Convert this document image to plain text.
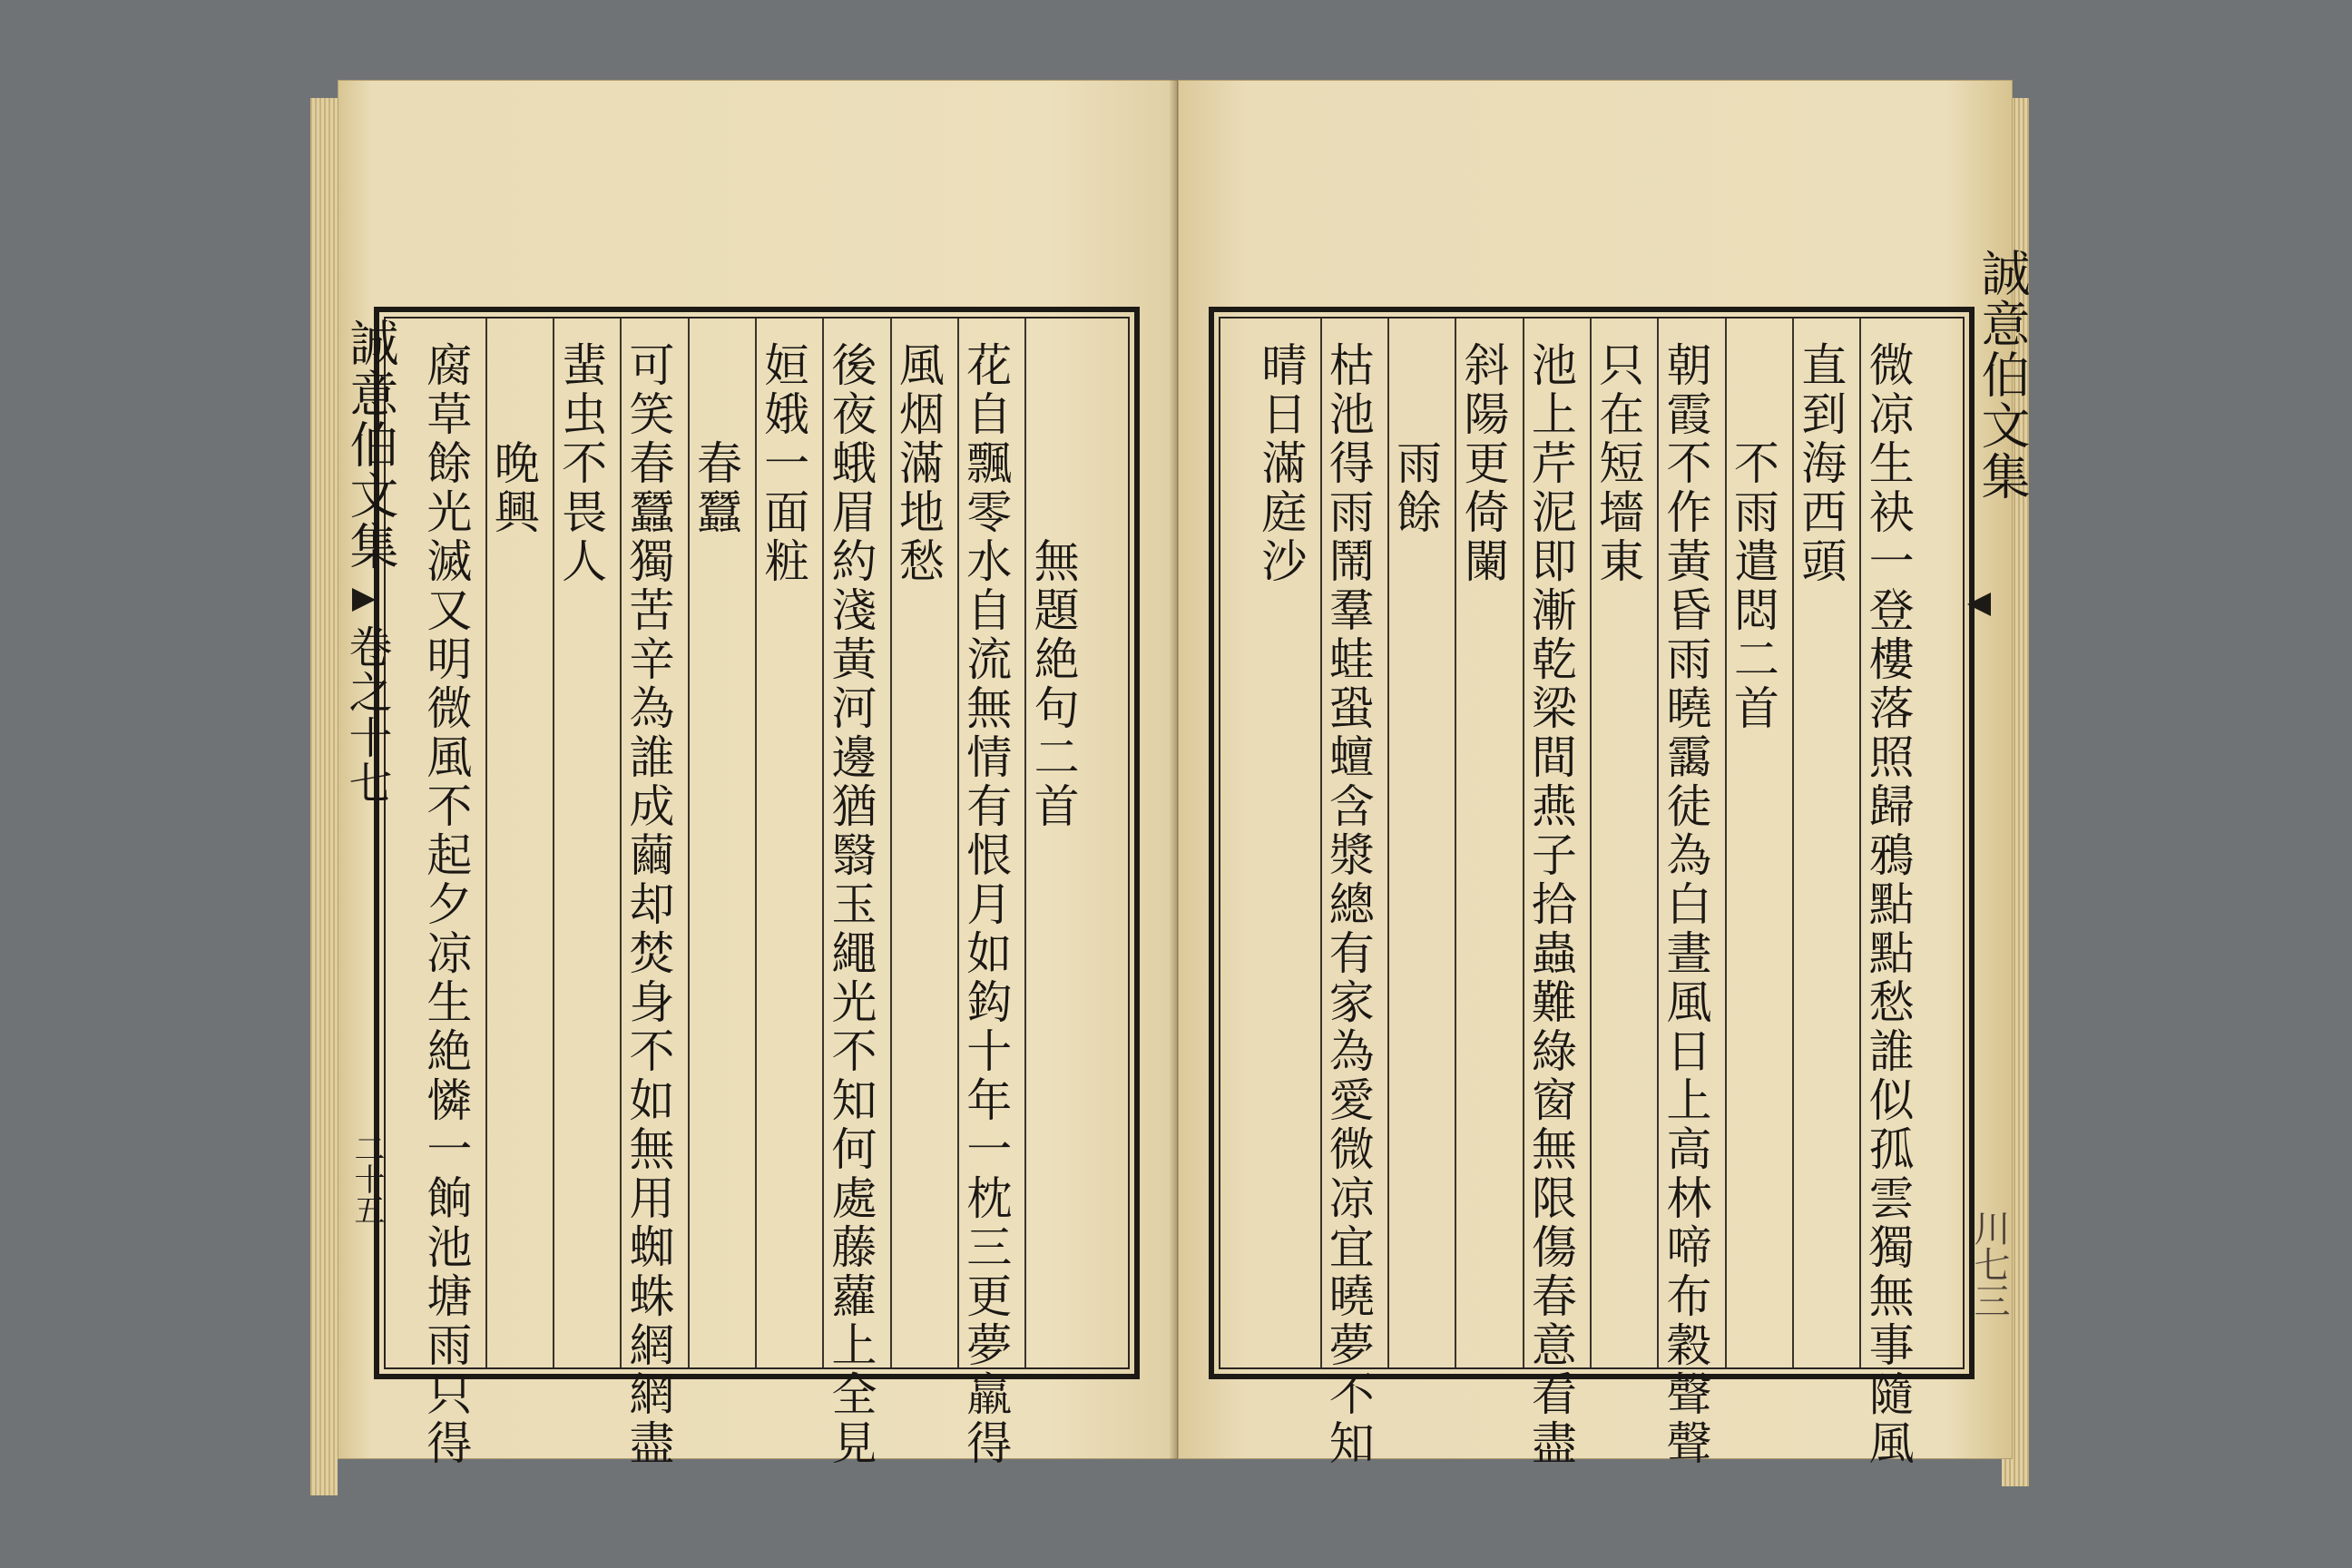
無題絶句二首
花自飄零水自流無情有恨月如鈎十年一枕三更夢羸得
風烟滿地愁
後夜蛾眉約淺黃河邊猶翳玉繩光不知何處藤蘿上全見
姮娥一面粧
春蠶
可笑春蠶獨苦辛為誰成繭却焚身不如無用蜘蛛網網盡
蜚虫不畏人
晚興
腐草餘光滅又明微風不起夕凉生絶憐一餉池塘雨只得
誠意伯文集
卷之十七
二十五	微凉生袂一登樓落照歸鴉點點愁誰似孤雲獨無事隨風
直到海西頭
不雨遣悶二首
朝霞不作黃昏雨曉靄徒為白晝風日上高林啼布穀聲聲
只在短墻東
池上芹泥即漸乾梁間燕子拾蟲難綠窗無限傷春意看盡
斜陽更倚闌
雨餘
枯池得雨鬧羣蛙蛩蟺含漿總有家為愛微凉宜曉夢不知
晴日滿庭沙	誠意伯文集
川七三
